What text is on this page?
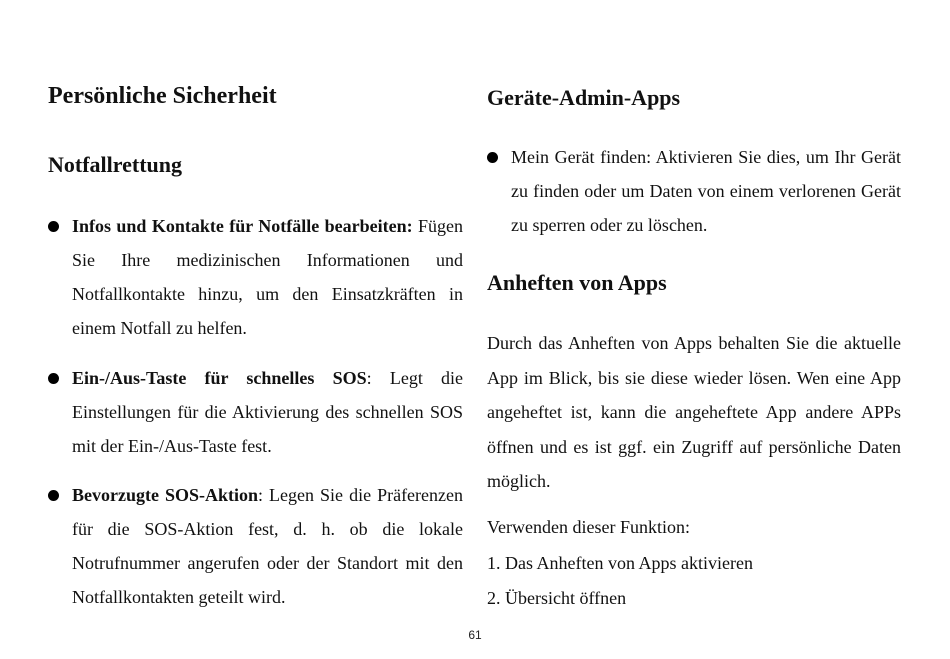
Persönliche Sicherheit
Notfallrettung
Infos und Kontakte für Notfälle bearbeiten: Fügen Sie Ihre medizinischen Informationen und Notfallkontakte hinzu, um den Einsatzkräften in einem Notfall zu helfen.
Ein-/Aus-Taste für schnelles SOS: Legt die Einstellungen für die Aktivierung des schnellen SOS mit der Ein-/Aus-Taste fest.
Bevorzugte SOS-Aktion: Legen Sie die Präferenzen für die SOS-Aktion fest, d. h. ob die lokale Notrufnummer angerufen oder der Standort mit den Notfallkontakten geteilt wird.
Geräte-Admin-Apps
Mein Gerät finden: Aktivieren Sie dies, um Ihr Gerät zu finden oder um Daten von einem verlorenen Gerät zu sperren oder zu löschen.
Anheften von Apps
Durch das Anheften von Apps behalten Sie die aktuelle App im Blick, bis sie diese wieder lösen. Wen eine App angeheftet ist, kann die angeheftete App andere APPs öffnen und es ist ggf. ein Zugriff auf persönliche Daten möglich.
Verwenden dieser Funktion:
1. Das Anheften von Apps aktivieren
2. Übersicht öffnen
61
